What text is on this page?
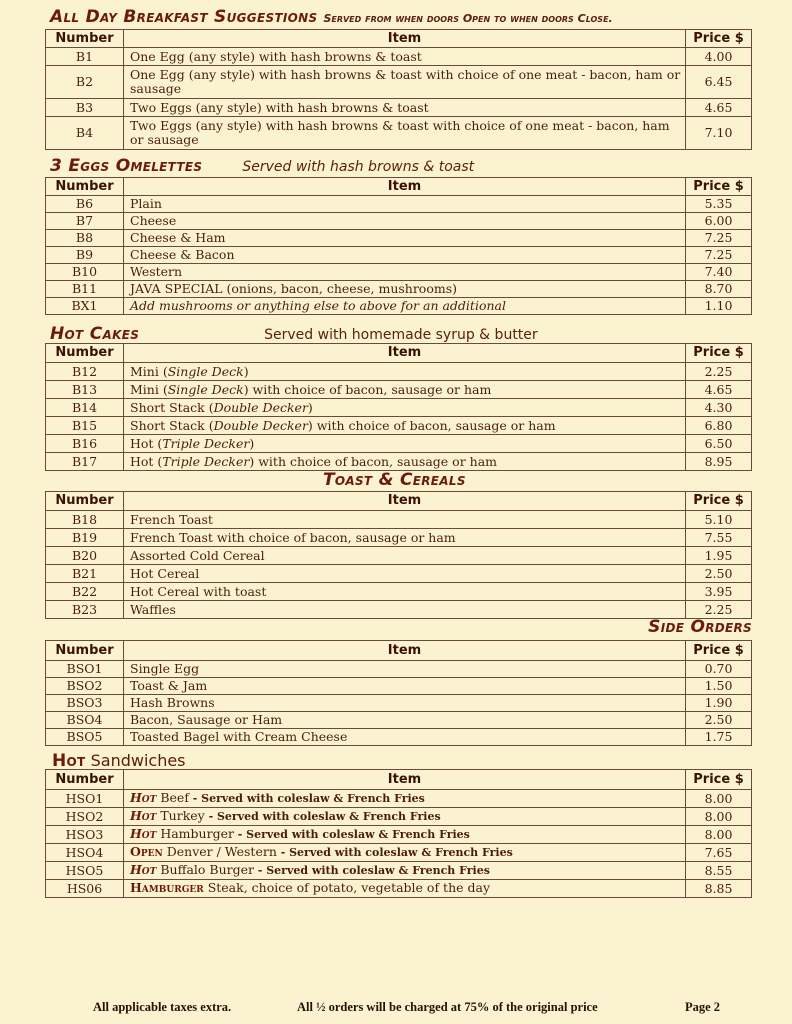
All Day Breakfast Suggestions Served from when doors Open to when doors Close.
Number	Item	Price $
B1	One Egg (any style) with hash browns & toast	4.00
B2	One Egg (any style) with hash browns & toast with choice of one meat - bacon, ham or sausage	6.45
B3	Two Eggs (any style) with hash browns & toast	4.65
B4	Two Eggs (any style) with hash browns & toast with choice of one meat - bacon, ham or sausage	7.10
3 Eggs Omelettes	Served with hash browns & toast
Number	Item	Price $
B6	Plain	5.35
B7	Cheese	6.00
B8	Cheese & Ham	7.25
B9	Cheese & Bacon	7.25
B10	Western	7.40
B11	JAVA SPECIAL (onions, bacon, cheese, mushrooms)	8.70
BX1	Add mushrooms or anything else to above for an additional	1.10
Hot Cakes	Served with homemade syrup & butter
Number	Item	Price $
B12	Mini (Single Deck)	2.25
B13	Mini (Single Deck) with choice of bacon, sausage or ham	4.65
B14	Short Stack (Double Decker)	4.30
B15	Short Stack (Double Decker) with choice of bacon, sausage or ham	6.80
B16	Hot (Triple Decker)	6.50
B17	Hot (Triple Decker) with choice of bacon, sausage or ham	8.95
Toast & Cereals
Number	Item	Price $
B18	French Toast	5.10
B19	French Toast with choice of bacon, sausage or ham	7.55
B20	Assorted Cold Cereal	1.95
B21	Hot Cereal	2.50
B22	Hot Cereal with toast	3.95
B23	Waffles	2.25
Side Orders
Number	Item	Price $
BSO1	Single Egg	0.70
BSO2	Toast & Jam	1.50
BSO3	Hash Browns	1.90
BSO4	Bacon, Sausage or Ham	2.50
BSO5	Toasted Bagel with Cream Cheese	1.75
Hot Sandwiches
Number	Item	Price $
HSO1	Hot Beef - Served with coleslaw & French Fries	8.00
HSO2	Hot Turkey - Served with coleslaw & French Fries	8.00
HSO3	Hot Hamburger - Served with coleslaw & French Fries	8.00
HSO4	Open Denver / Western - Served with coleslaw & French Fries	7.65
HSO5	Hot Buffalo Burger - Served with coleslaw & French Fries	8.55
HS06	Hamburger Steak, choice of potato, vegetable of the day	8.85
All applicable taxes extra.	All ½ orders will be charged at 75% of the original price	Page 2
